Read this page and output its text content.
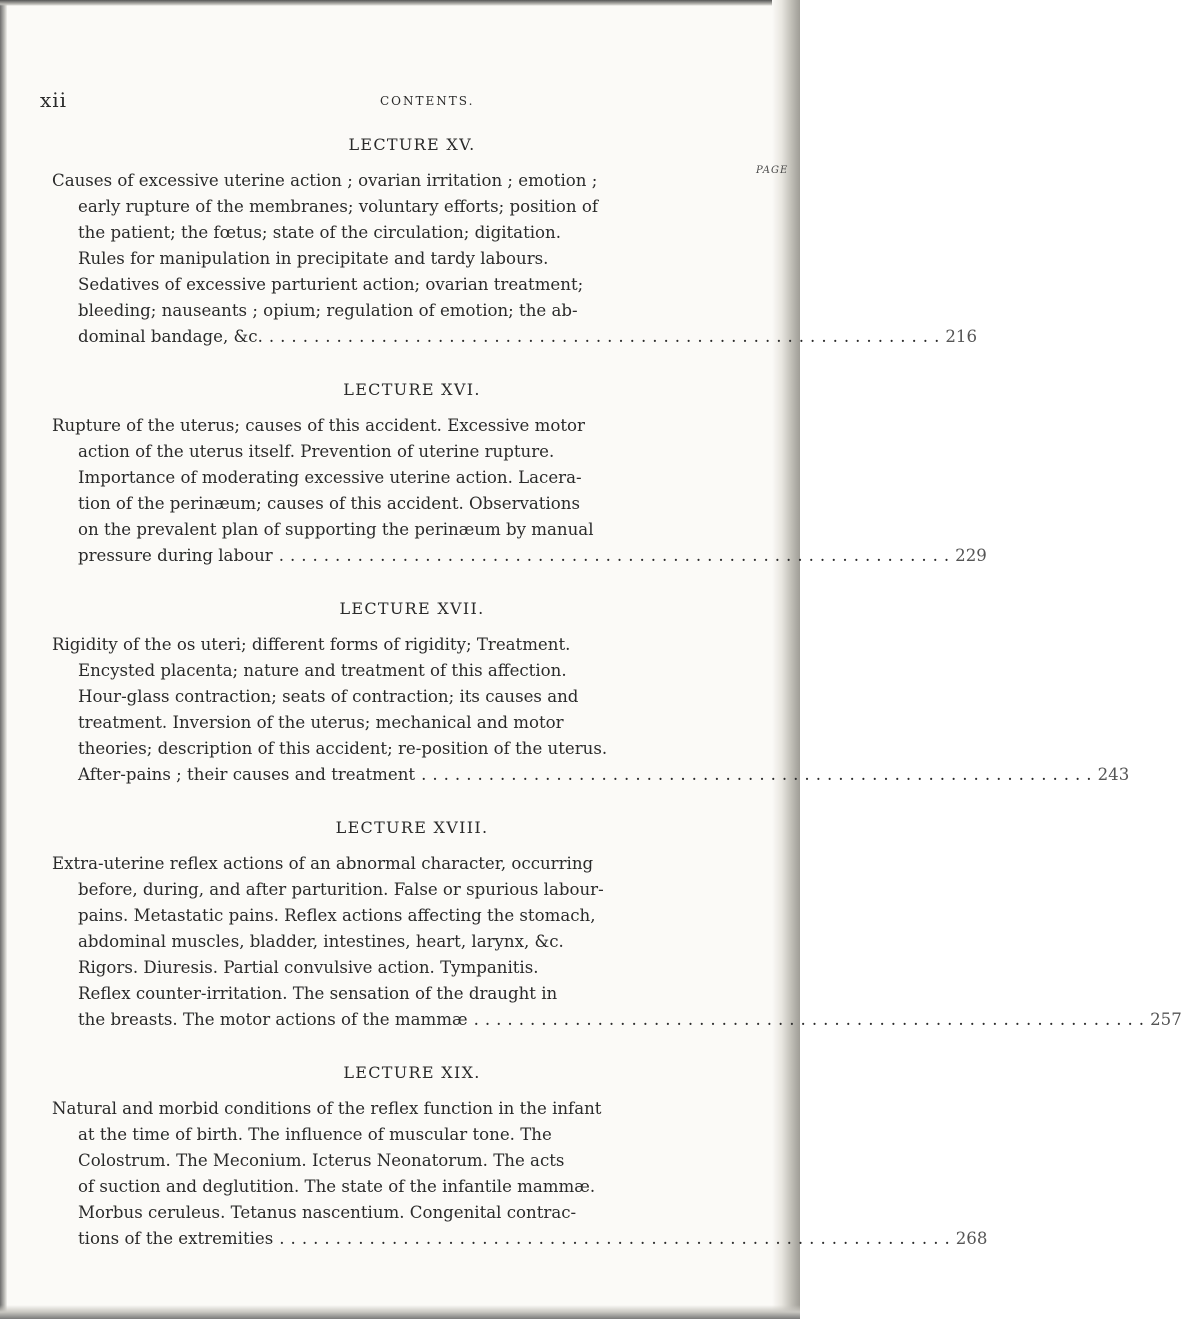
xii	CONTENTS.
PAGE
LECTURE XV.
Causes of excessive uterine action ; ovarian irritation ; emotion ;
early rupture of the membranes; voluntary efforts; position of
the patient; the fœtus; state of the circulation; digitation.
Rules for manipulation in precipitate and tardy labours.
Sedatives of excessive parturient action; ovarian treatment;
bleeding; nauseants ; opium; regulation of emotion; the ab-
dominal bandage, &c. ............................................................ 216
LECTURE XVI.
Rupture of the uterus; causes of this accident. Excessive motor
action of the uterus itself. Prevention of uterine rupture.
Importance of moderating excessive uterine action. Lacera-
tion of the perinæum; causes of this accident. Observations
on the prevalent plan of supporting the perinæum by manual
pressure during labour ............................................................ 229
LECTURE XVII.
Rigidity of the os uteri; different forms of rigidity; Treatment.
Encysted placenta; nature and treatment of this affection.
Hour-glass contraction; seats of contraction; its causes and
treatment. Inversion of the uterus; mechanical and motor
theories; description of this accident; re-position of the uterus.
After-pains ; their causes and treatment ............................................................ 243
LECTURE XVIII.
Extra-uterine reflex actions of an abnormal character, occurring
before, during, and after parturition. False or spurious labour-
pains. Metastatic pains. Reflex actions affecting the stomach,
abdominal muscles, bladder, intestines, heart, larynx, &c.
Rigors. Diuresis. Partial convulsive action. Tympanitis.
Reflex counter-irritation. The sensation of the draught in
the breasts. The motor actions of the mammæ ............................................................ 257
LECTURE XIX.
Natural and morbid conditions of the reflex function in the infant
at the time of birth. The influence of muscular tone. The
Colostrum. The Meconium. Icterus Neonatorum. The acts
of suction and deglutition. The state of the infantile mammæ.
Morbus ceruleus. Tetanus nascentium. Congenital contrac-
tions of the extremities ............................................................ 268
